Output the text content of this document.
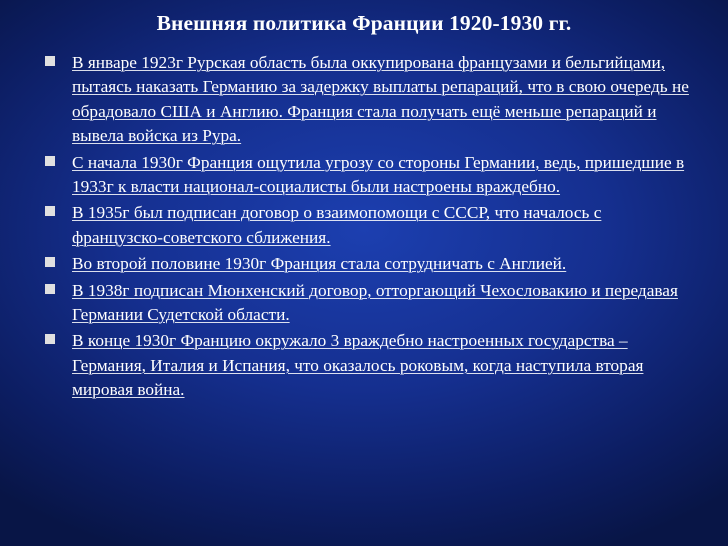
Внешняя политика Франции 1920-1930 гг.
В январе 1923г Рурская область была оккупирована французами и бельгийцами, пытаясь наказать Германию за задержку выплаты репараций, что в свою очередь не обрадовало США и Англию. Франция стала получать ещё меньше репараций и вывела войска из Рура.
С начала 1930г Франция ощутила угрозу со стороны Германии, ведь, пришедшие в 1933г к власти национал-социалисты были настроены враждебно.
В 1935г был подписан договор о взаимопомощи с СССР, что началось с французско-советского сближения.
Во второй половине 1930г Франция стала сотрудничать с Англией.
В 1938г подписан Мюнхенский договор, отторгающий Чехословакию и передавая Германии Судетской области.
В конце 1930г Францию окружало 3 враждебно настроенных государства – Германия, Италия и Испания, что оказалось роковым, когда наступила вторая мировая война.
